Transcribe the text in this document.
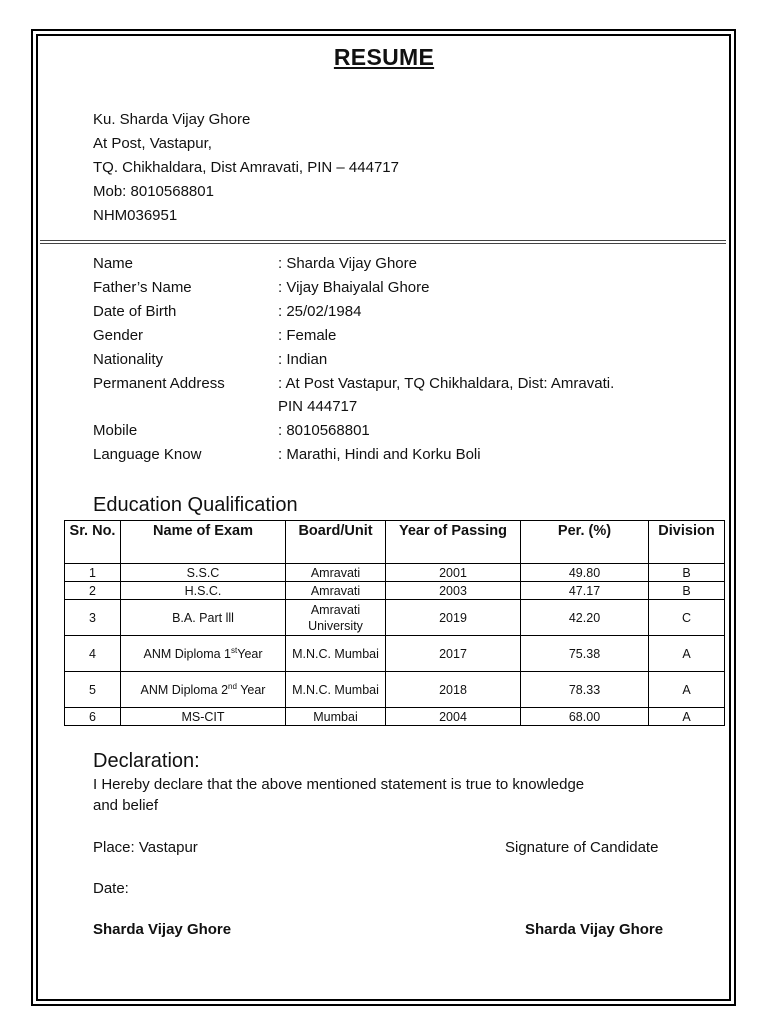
RESUME
Ku. Sharda Vijay Ghore
At Post, Vastapur,
TQ. Chikhaldara, Dist Amravati, PIN – 444717
Mob: 8010568801
NHM036951
Name	: Sharda Vijay Ghore
Father’s Name	: Vijay Bhaiyalal Ghore
Date of Birth	: 25/02/1984
Gender	: Female
Nationality	: Indian
Permanent Address	: At Post Vastapur, TQ Chikhaldara, Dist: Amravati.
PIN 444717
Mobile	: 8010568801
Language Know	: Marathi, Hindi and Korku Boli
Education Qualification
Sr. No.	Name of Exam	Board/Unit	Year of Passing	Per. (%)	Division
1	S.S.C	Amravati	2001	49.80	B
2	H.S.C.	Amravati	2003	47.17	B
3	B.A. Part lll	Amravati University	2019	42.20	C
4	ANM Diploma 1stYear	M.N.C. Mumbai	2017	75.38	A
5	ANM Diploma 2nd Year	M.N.C. Mumbai	2018	78.33	A
6	MS-CIT	Mumbai	2004	68.00	A
Declaration:
I Hereby declare that the above mentioned statement is true to knowledge
and belief
Place: Vastapur	Signature of Candidate
Date:
Sharda Vijay Ghore	Sharda Vijay Ghore
